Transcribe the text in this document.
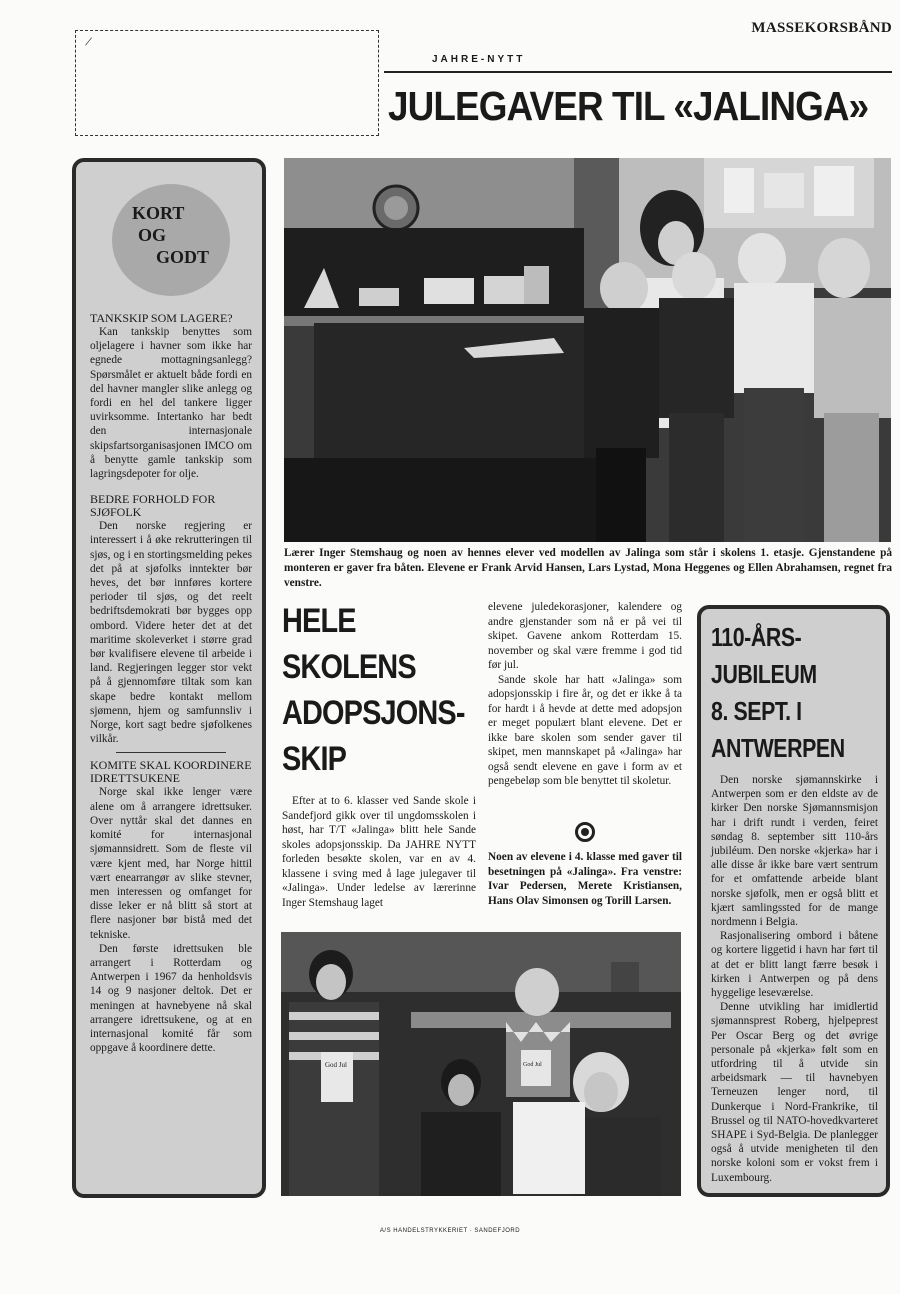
/
MASSEKORSBÅND
JAHRE-NYTT
JULEGAVER TIL «JALINGA»
KORT
OG
GODT
TANKSKIP SOM LAGERE?

Kan tankskip benyttes som oljelagere i havner som ikke har egnede mottagningsanlegg? Spørsmålet er aktuelt både fordi en del havner mangler slike anlegg og fordi en hel del tankere ligger uvirksomme. Intertanko har bedt den internasjonale skipsfartsorganisasjonen IMCO om å benytte gamle tankskip som lagringsdepoter for olje.

BEDRE FORHOLD FOR SJØFOLK

Den norske regjering er interessert i å øke rekrutteringen til sjøs, og i en stortingsmelding pekes det på at sjøfolks inntekter bør heves, det bør innføres kortere perioder til sjøs, og det reelt bedriftsdemokrati bør bygges opp ombord. Videre heter det at det maritime skoleverket i større grad bør kvalifisere elevene til arbeide i land. Regjeringen legger stor vekt på å gjennomføre tiltak som kan skape bedre kontakt mellom sjømenn, hjem og samfunnsliv i Norge, kort sagt bedre sjøfolkenes vilkår.

KOMITE SKAL KOORDINERE IDRETTSUKENE

Norge skal ikke lenger være alene om å arrangere idrettsuker. Over nyttår skal det dannes en komité for internasjonal sjømannsidrett. Som de fleste vil være kjent med, har Norge hittil vært enearrangør av slike stevner, men interessen og omfanget for disse leker er nå blitt så stort at flere nasjoner bør bistå med det tekniske.

Den første idrettsuken ble arrangert i Rotterdam og Antwerpen i 1967 da henholdsvis 14 og 9 nasjoner deltok. Det er meningen at havnebyene nå skal arrangere idrettsukene, og at en internasjonal komité får som oppgave å koordinere dette.

Lærer Inger Stemshaug og noen av hennes elever ved modellen av Jalinga som står i skolens 1. etasje. Gjenstandene på monteren er gaver fra båten. Elevene er Frank Arvid Hansen, Lars Lystad, Mona Heggenes og Ellen Abrahamsen, regnet fra venstre.
HELE
SKOLENS
ADOPSJONS-
SKIP

Efter at to 6. klasser ved Sande skole i Sandefjord gikk over til ungdomsskolen i høst, har T/T «Jalinga» blitt hele Sande skoles adopsjonsskip. Da JAHRE NYTT forleden besøkte skolen, var en av 4. klassene i sving med å lage julegaver til «Jalinga». Under ledelse av lærerinne Inger Stemshaug laget

elevene juledekorasjoner, kalendere og andre gjenstander som nå er på vei til skipet. Gavene ankom Rotterdam 15. november og skal være fremme i god tid før jul.

Sande skole har hatt «Jalinga» som adopsjonsskip i fire år, og det er ikke å ta for hardt i å hevde at dette med adopsjon er meget populært blant elevene. Det er ikke bare skolen som sender gaver til skipet, men mannskapet på «Jalinga» har også sendt elevene en gave i form av et pengebeløp som ble benyttet til skoletur.

Noen av elevene i 4. klasse med gaver til besetningen på «Jalinga». Fra venstre: Ivar Pedersen, Merete Kristiansen, Hans Olav Simonsen og Torill Larsen.

God Jul	God Jul
110-ÅRS-
JUBILEUM
8. SEPT. I
ANTWERPEN

Den norske sjømannskirke i Antwerpen som er den eldste av de kirker Den norske Sjømannsmisjon har i drift rundt i verden, feiret søndag 8. september sitt 110-års jubiléum. Den norske «kjerka» har i alle disse år ikke bare vært sentrum for et omfattende arbeide blant norske sjøfolk, men er også blitt et kjært samlingssted for de mange nordmenn i Belgia.

Rasjonalisering ombord i båtene og kortere liggetid i havn har ført til at det er blitt langt færre besøk i kirken i Antwerpen og på dens hyggelige leseværelse.

Denne utvikling har imidlertid sjømannsprest Roberg, hjelpeprest Per Oscar Berg og det øvrige personale på «kjerka» følt som en utfordring til å utvide sin arbeidsmark — til havnebyen Terneuzen lenger nord, til Dunkerque i Nord-Frankrike, til Brussel og til NATO-hovedkvarteret SHAPE i Syd-Belgia. De planlegger også å utvide menigheten til den norske koloni som er vokst frem i Luxembourg.

A/S HANDELSTRYKKERIET · SANDEFJORD
